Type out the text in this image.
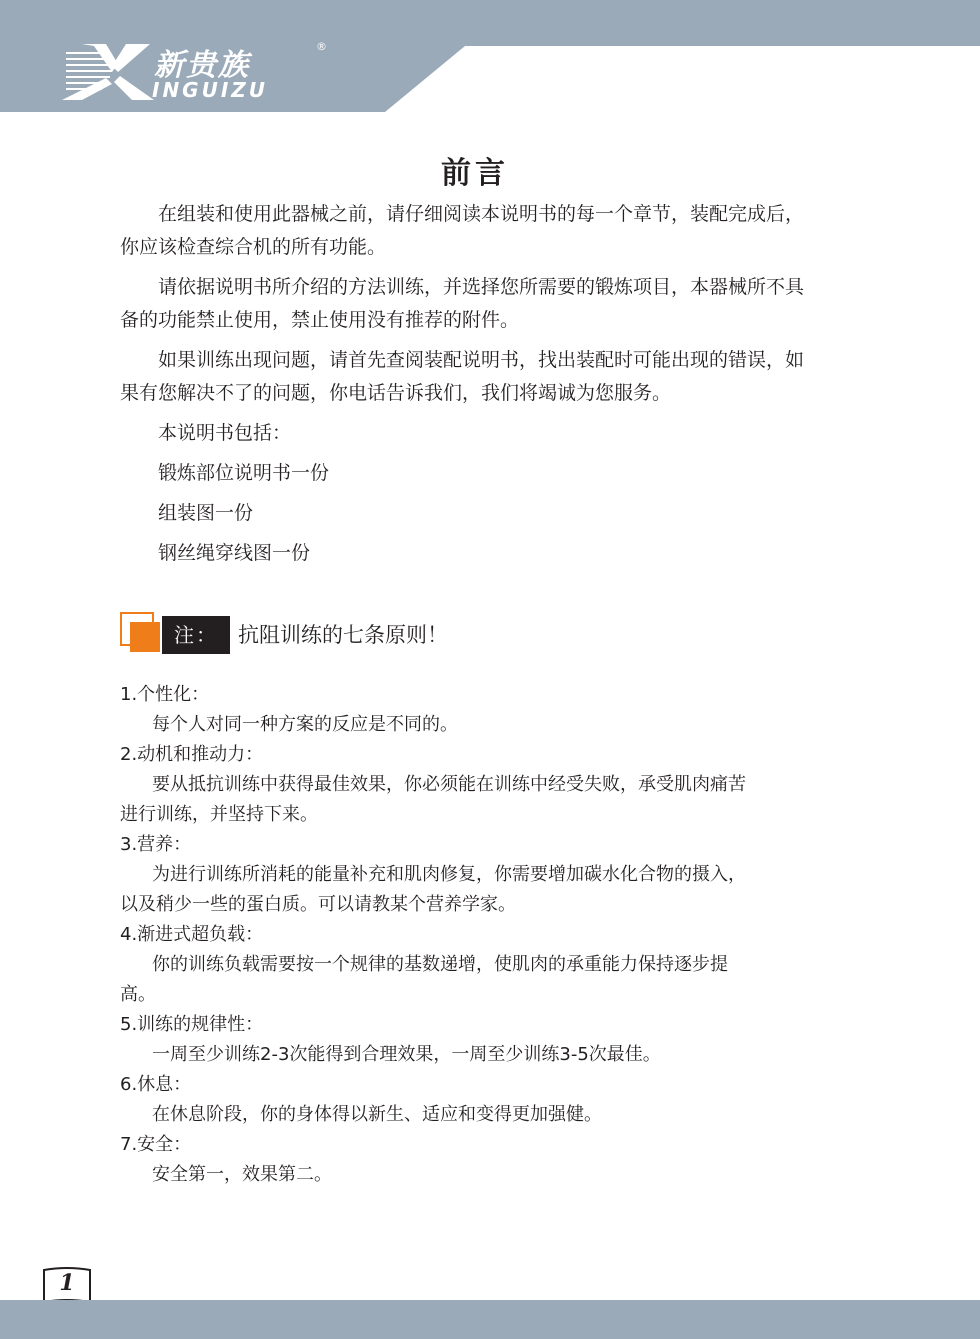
新贵族
®
INGUIZU
前言

在组装和使用此器械之前，请仔细阅读本说明书的每一个章节，装配完成后，你应该检查综合机的所有功能。

请依据说明书所介绍的方法训练，并选择您所需要的锻炼项目，本器械所不具备的功能禁止使用，禁止使用没有推荐的附件。

如果训练出现问题，请首先查阅装配说明书，找出装配时可能出现的错误，如果有您解决不了的问题，你电话告诉我们，我们将竭诚为您服务。

本说明书包括：
锻炼部位说明书一份
组装图一份
钢丝绳穿线图一份
注： 抗阻训练的七条原则！

1.个性化：

每个人对同一种方案的反应是不同的。

2.动机和推动力：

要从抵抗训练中获得最佳效果，你必须能在训练中经受失败，承受肌肉痛苦进行训练，并坚持下来。

3.营养：

为进行训练所消耗的能量补充和肌肉修复，你需要增加碳水化合物的摄入，以及稍少一些的蛋白质。可以请教某个营养学家。

4.渐进式超负载：

你的训练负载需要按一个规律的基数递增，使肌肉的承重能力保持逐步提高。

5.训练的规律性：

一周至少训练2-3次能得到合理效果，一周至少训练3-5次最佳。

6.休息：

在休息阶段，你的身体得以新生、适应和变得更加强健。

7.安全：

安全第一，效果第二。

1
